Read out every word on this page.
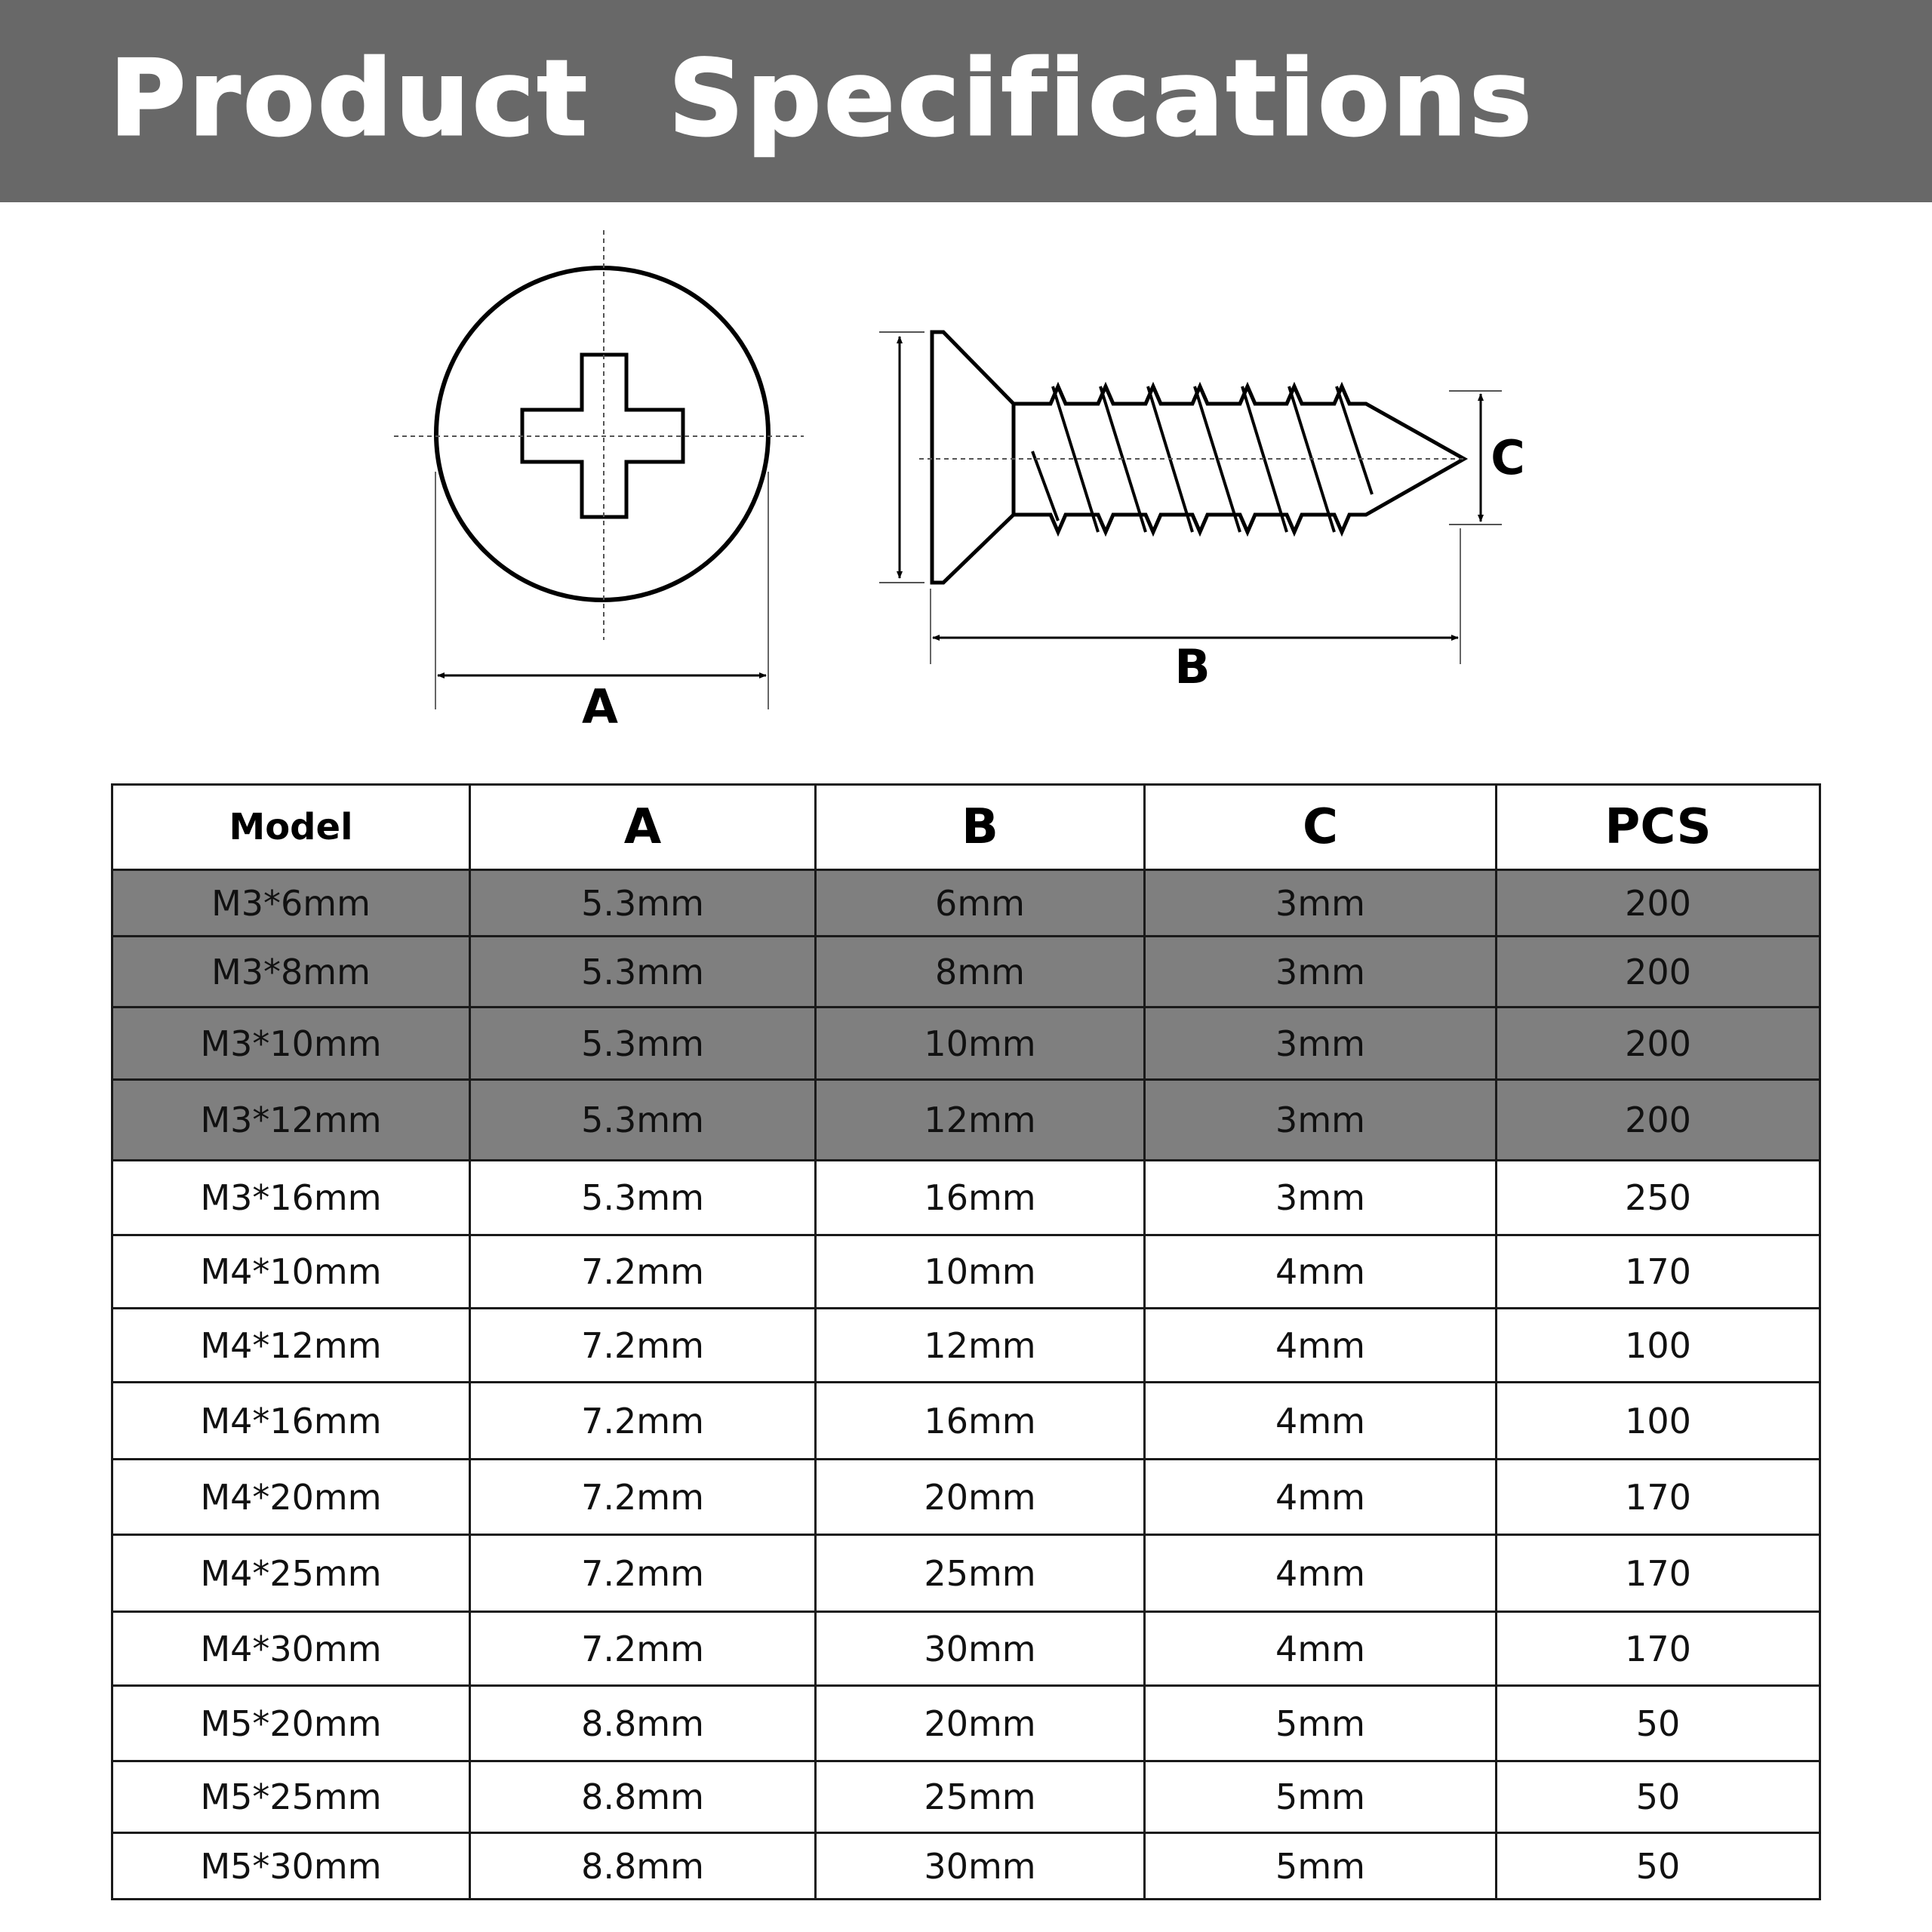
Product  Specifications
A
B
C
Model	A	B	C	PCS
M3*6mm	5.3mm	6mm	3mm	200
M3*8mm	5.3mm	8mm	3mm	200
M3*10mm	5.3mm	10mm	3mm	200
M3*12mm	5.3mm	12mm	3mm	200
M3*16mm	5.3mm	16mm	3mm	250
M4*10mm	7.2mm	10mm	4mm	170
M4*12mm	7.2mm	12mm	4mm	100
M4*16mm	7.2mm	16mm	4mm	100
M4*20mm	7.2mm	20mm	4mm	170
M4*25mm	7.2mm	25mm	4mm	170
M4*30mm	7.2mm	30mm	4mm	170
M5*20mm	8.8mm	20mm	5mm	50
M5*25mm	8.8mm	25mm	5mm	50
M5*30mm	8.8mm	30mm	5mm	50
